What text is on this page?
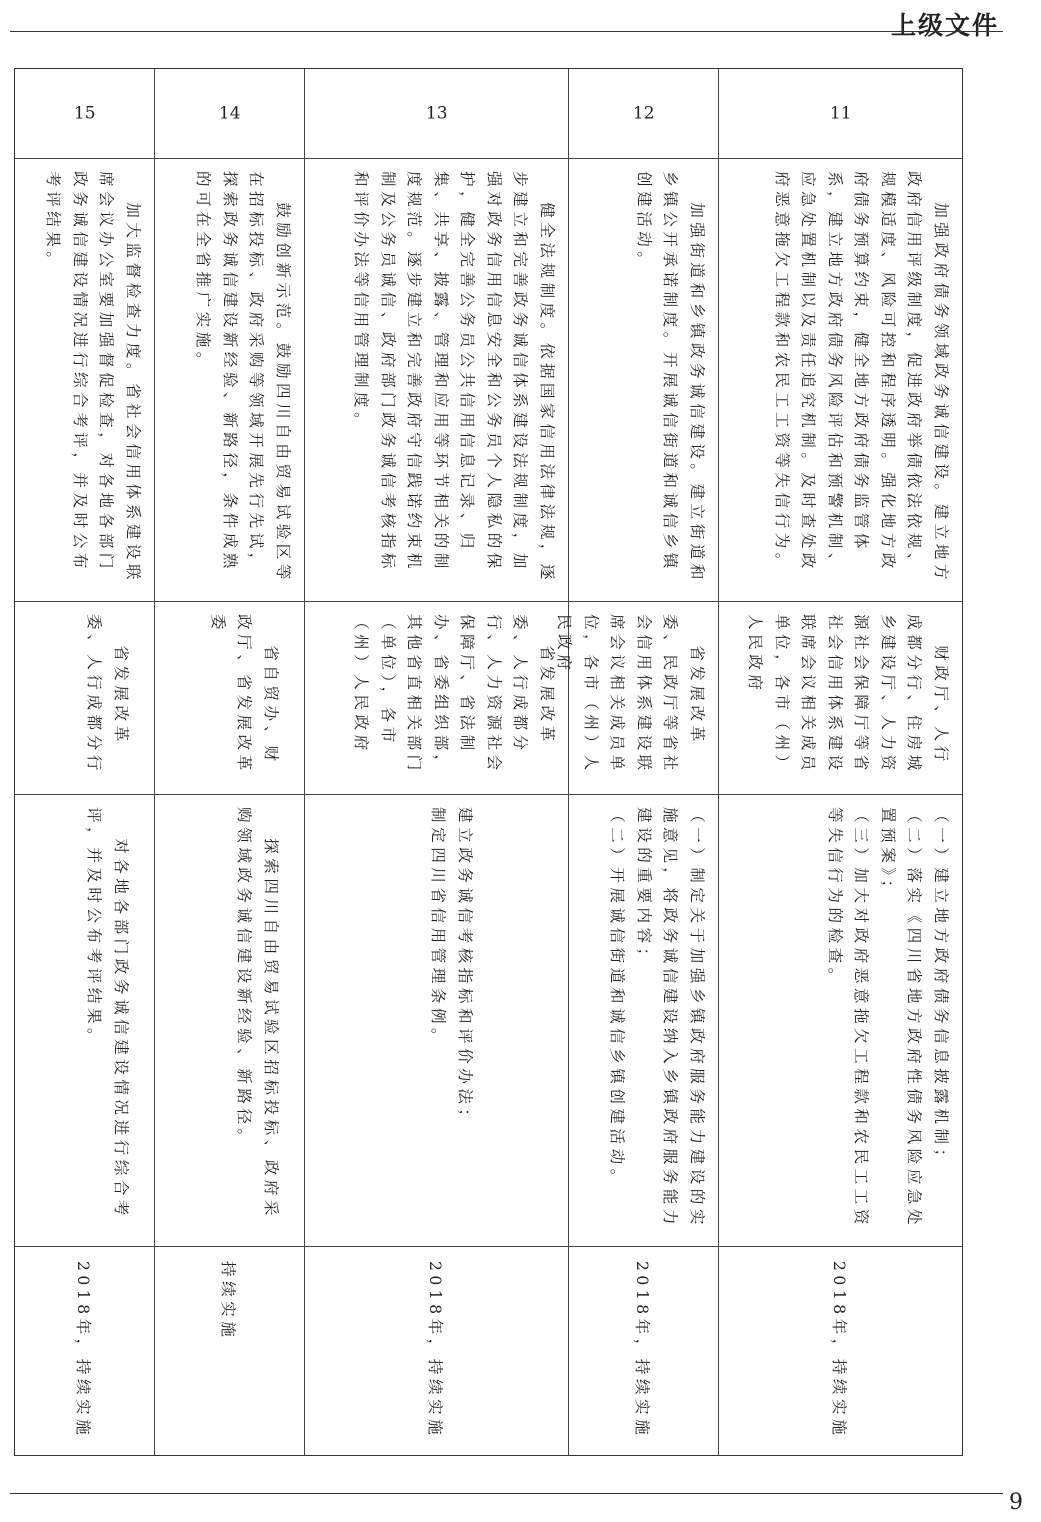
上级文件
11
加强政府债务领域政务诚信建设。建立地方政府信用评级制度，促进政府举债依法依规、规模适度、风险可控和程序透明。强化地方政府债务预算约束，健全地方政府债务监管体系，建立地方政府债务风险评估和预警机制、应急处置机制以及责任追究机制。及时查处政府恶意拖欠工程款和农民工工资等失信行为。
财政厅、人行成都分行、住房城乡建设厅、人力资源社会保障厅等省社会信用体系建设联席会议相关成员单位，各市（州）人民政府
（一）建立地方政府债务信息披露机制；
（二）落实《四川省地方政府性债务风险应急处置预案》；
（三）加大对政府恶意拖欠工程款和农民工工资等失信行为的检查。
2018年，持续实施
12
加强街道和乡镇政务诚信建设。建立街道和乡镇公开承诺制度。开展诚信街道和诚信乡镇创建活动。
省发展改革委、民政厅等省社会信用体系建设联席会议相关成员单位，各市（州）人民政府
（一）制定关于加强乡镇政府服务能力建设的实施意见，将政务诚信建设纳入乡镇政府服务能力建设的重要内容；
（二）开展诚信街道和诚信乡镇创建活动。
2018年，持续实施
13
健全法规制度。依据国家信用法律法规，逐步建立和完善政务诚信体系建设法规制度，加强对政务信用信息安全和公务员个人隐私的保护，健全完善公务员公共信用信息记录、归集、共享、披露、管理和应用等环节相关的制度规范。逐步建立和完善政府守信践诺约束机制及公务员诚信、政府部门政务诚信考核指标和评价办法等信用管理制度。
省发展改革委、人行成都分行、人力资源社会保障厅、省法制办、省委组织部，其他省直相关部门（单位），各市（州）人民政府
建立政务诚信考核指标和评价办法；
制定四川省信用管理条例。
2018年，持续实施
14
鼓励创新示范。鼓励四川自由贸易试验区等在招标投标、政府采购等领域开展先行先试，探索政务诚信建设新经验、新路径，条件成熟的可在全省推广实施。
省自贸办、财政厅、省发展改革委
探索四川自由贸易试验区招标投标、政府采购领域政务诚信建设新经验、新路径。
持续实施
15
加大监督检查力度。省社会信用体系建设联席会议办公室要加强督促检查，对各地各部门政务诚信建设情况进行综合考评，并及时公布考评结果。
省发展改革委、人行成都分行
对各地各部门政务诚信建设情况进行综合考评，并及时公布考评结果。
2018年，持续实施
9
